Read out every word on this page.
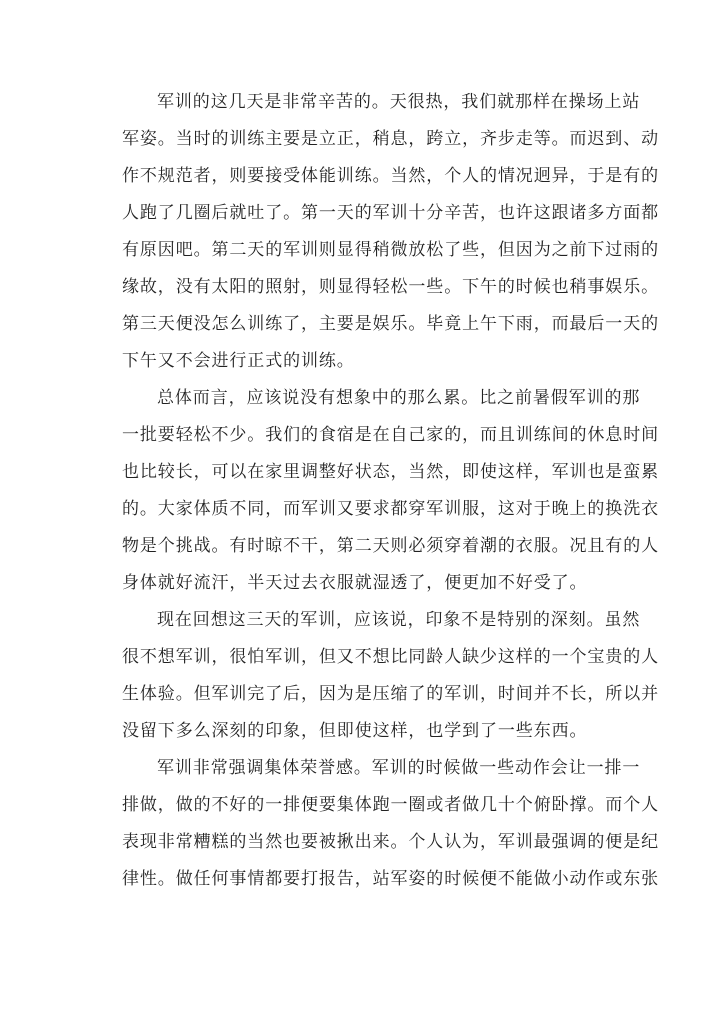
军训的这几天是非常辛苦的。天很热，我们就那样在操场上站
军姿。当时的训练主要是立正，稍息，跨立，齐步走等。而迟到、动
作不规范者，则要接受体能训练。当然，个人的情况迥异，于是有的
人跑了几圈后就吐了。第一天的军训十分辛苦，也许这跟诸多方面都
有原因吧。第二天的军训则显得稍微放松了些，但因为之前下过雨的
缘故，没有太阳的照射，则显得轻松一些。下午的时候也稍事娱乐。
第三天便没怎么训练了，主要是娱乐。毕竟上午下雨，而最后一天的
下午又不会进行正式的训练。
总体而言，应该说没有想象中的那么累。比之前暑假军训的那
一批要轻松不少。我们的食宿是在自己家的，而且训练间的休息时间
也比较长，可以在家里调整好状态，当然，即使这样，军训也是蛮累
的。大家体质不同，而军训又要求都穿军训服，这对于晚上的换洗衣
物是个挑战。有时晾不干，第二天则必须穿着潮的衣服。况且有的人
身体就好流汗，半天过去衣服就湿透了，便更加不好受了。
现在回想这三天的军训，应该说，印象不是特别的深刻。虽然
很不想军训，很怕军训，但又不想比同龄人缺少这样的一个宝贵的人
生体验。但军训完了后，因为是压缩了的军训，时间并不长，所以并
没留下多么深刻的印象，但即使这样，也学到了一些东西。
军训非常强调集体荣誉感。军训的时候做一些动作会让一排一
排做，做的不好的一排便要集体跑一圈或者做几十个俯卧撑。而个人
表现非常糟糕的当然也要被揪出来。个人认为，军训最强调的便是纪
律性。做任何事情都要打报告，站军姿的时候便不能做小动作或东张
